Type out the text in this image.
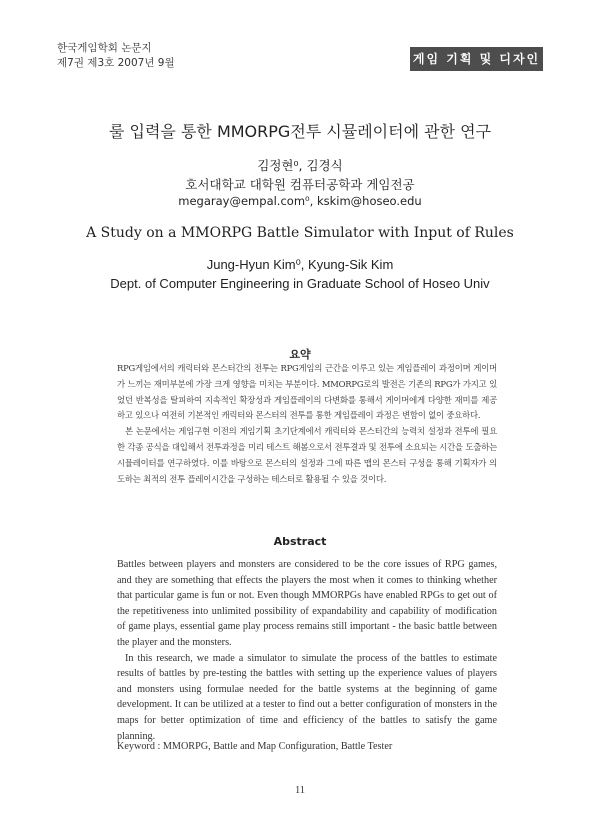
한국게임학회 논문지
제7권 제3호 2007년 9월	게임 기획 및 디자인
룰 입력을 통한 MMORPG전투 시뮬레이터에 관한 연구
김정현⁰, 김경식
호서대학교 대학원 컴퓨터공학과 게임전공
megaray@empal.com⁰, kskim@hoseo.edu
A Study on a MMORPG Battle Simulator with Input of Rules
Jung-Hyun Kim⁰, Kyung-Sik Kim
Dept. of Computer Engineering in Graduate School of Hoseo Univ
요약

RPG게임에서의 캐릭터와 몬스터간의 전투는 RPG게임의 근간을 이루고 있는 게임플레이 과정이며 게이머가 느끼는 재미부분에 가장 크게 영향을 미치는 부분이다. MMORPG로의 발전은 기존의 RPG가 가지고 있었던 반복성을 탈피하여 지속적인 확장성과 게임플레이의 다변화를 통해서 게이머에게 다양한 재미를 제공하고 있으나 여전히 기본적인 캐릭터와 몬스터의 전투를 통한 게임플레이 과정은 변함이 없이 중요하다.

본 논문에서는 게임구현 이전의 게임기획 초기단계에서 캐릭터와 몬스터간의 능력치 설정과 전투에 필요한 각종 공식을 대입해서 전투과정을 미리 테스트 해봄으로서 전투결과 및 전투에 소요되는 시간을 도출하는 시뮬레이터를 연구하였다. 이를 바탕으로 몬스터의 설정과 그에 따른 맵의 몬스터 구성을 통해 기획자가 의도하는 최적의 전투 플레이시간을 구성하는 테스터로 활용될 수 있을 것이다.

Abstract

Battles between players and monsters are considered to be the core issues of RPG games, and they are something that effects the players the most when it comes to thinking whether that particular game is fun or not. Even though MMORPGs have enabled RPGs to get out of the repetitiveness into unlimited possibility of expandability and capability of modification of game plays, essential game play process remains still important - the basic battle between the player and the monsters.

In this research, we made a simulator to simulate the process of the battles to estimate results of battles by pre-testing the battles with setting up the experience values of players and monsters using formulae needed for the battle systems at the beginning of game development. It can be utilized at a tester to find out a better configuration of monsters in the maps for better optimization of time and efficiency of the battles to satisfy the game planning.

Keyword : MMORPG, Battle and Map Configuration, Battle Tester
11
